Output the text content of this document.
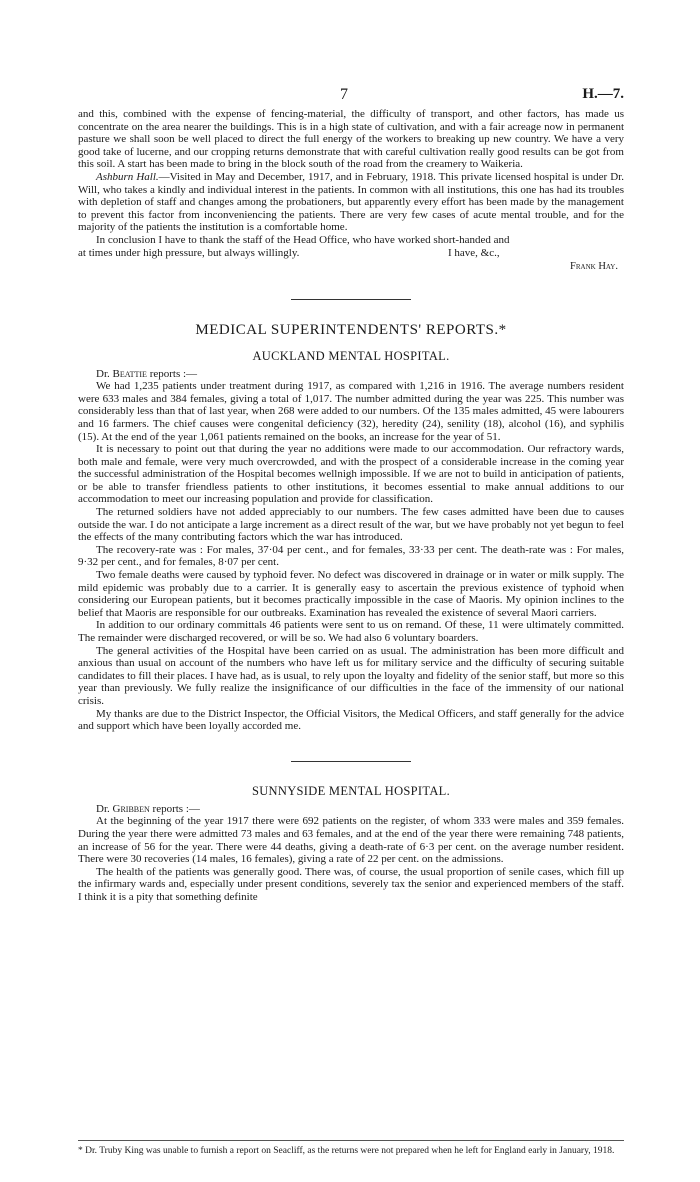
7	H.—7.

and this, combined with the expense of fencing-material, the difficulty of transport, and other factors, has made us concentrate on the area nearer the buildings. This is in a high state of cultivation, and with a fair acreage now in permanent pasture we shall soon be well placed to direct the full energy of the workers to breaking up new country. We have a very good take of lucerne, and our cropping returns demonstrate that with careful cultivation really good results can be got from this soil. A start has been made to bring in the block south of the road from the creamery to Waikeria.

Ashburn Hall.—Visited in May and December, 1917, and in February, 1918. This private licensed hospital is under Dr. Will, who takes a kindly and individual interest in the patients. In common with all institutions, this one has had its troubles with depletion of staff and changes among the probationers, but apparently every effort has been made by the management to prevent this factor from inconveniencing the patients. There are very few cases of acute mental trouble, and for the majority of the patients the institution is a comfortable home.

In conclusion I have to thank the staff of the Head Office, who have worked short-handed and

at times under high pressure, but always willingly.	I have, &c.,
Frank Hay.
MEDICAL SUPERINTENDENTS' REPORTS.*
AUCKLAND MENTAL HOSPITAL.

Dr. Beattie reports :—

We had 1,235 patients under treatment during 1917, as compared with 1,216 in 1916. The average numbers resident were 633 males and 384 females, giving a total of 1,017. The number admitted during the year was 225. This number was considerably less than that of last year, when 268 were added to our numbers. Of the 135 males admitted, 45 were labourers and 16 farmers. The chief causes were congenital deficiency (32), heredity (24), senility (18), alcohol (16), and syphilis (15). At the end of the year 1,061 patients remained on the books, an increase for the year of 51.

It is necessary to point out that during the year no additions were made to our accommodation. Our refractory wards, both male and female, were very much overcrowded, and with the prospect of a considerable increase in the coming year the successful administration of the Hospital becomes wellnigh impossible. If we are not to build in anticipation of patients, or be able to transfer friendless patients to other institutions, it becomes essential to make annual additions to our accommodation to meet our increasing population and provide for classification.

The returned soldiers have not added appreciably to our numbers. The few cases admitted have been due to causes outside the war. I do not anticipate a large increment as a direct result of the war, but we have probably not yet begun to feel the effects of the many contributing factors which the war has introduced.

The recovery-rate was : For males, 37·04 per cent., and for females, 33·33 per cent. The death-rate was : For males, 9·32 per cent., and for females, 8·07 per cent.

Two female deaths were caused by typhoid fever. No defect was discovered in drainage or in water or milk supply. The mild epidemic was probably due to a carrier. It is generally easy to ascertain the previous existence of typhoid when considering our European patients, but it becomes practically impossible in the case of Maoris. My opinion inclines to the belief that Maoris are responsible for our outbreaks. Examination has revealed the existence of several Maori carriers.

In addition to our ordinary committals 46 patients were sent to us on remand. Of these, 11 were ultimately committed. The remainder were discharged recovered, or will be so. We had also 6 voluntary boarders.

The general activities of the Hospital have been carried on as usual. The administration has been more difficult and anxious than usual on account of the numbers who have left us for military service and the difficulty of securing suitable candidates to fill their places. I have had, as is usual, to rely upon the loyalty and fidelity of the senior staff, but more so this year than previously. We fully realize the insignificance of our difficulties in the face of the immensity of our national crisis.

My thanks are due to the District Inspector, the Official Visitors, the Medical Officers, and staff generally for the advice and support which have been loyally accorded me.

SUNNYSIDE MENTAL HOSPITAL.

Dr. Gribben reports :—

At the beginning of the year 1917 there were 692 patients on the register, of whom 333 were males and 359 females. During the year there were admitted 73 males and 63 females, and at the end of the year there were remaining 748 patients, an increase of 56 for the year. There were 44 deaths, giving a death-rate of 6·3 per cent. on the average number resident. There were 30 recoveries (14 males, 16 females), giving a rate of 22 per cent. on the admissions.

The health of the patients was generally good. There was, of course, the usual proportion of senile cases, which fill up the infirmary wards and, especially under present conditions, severely tax the senior and experienced members of the staff. I think it is a pity that something definite

* Dr. Truby King was unable to furnish a report on Seacliff, as the returns were not prepared when he left for England early in January, 1918.
